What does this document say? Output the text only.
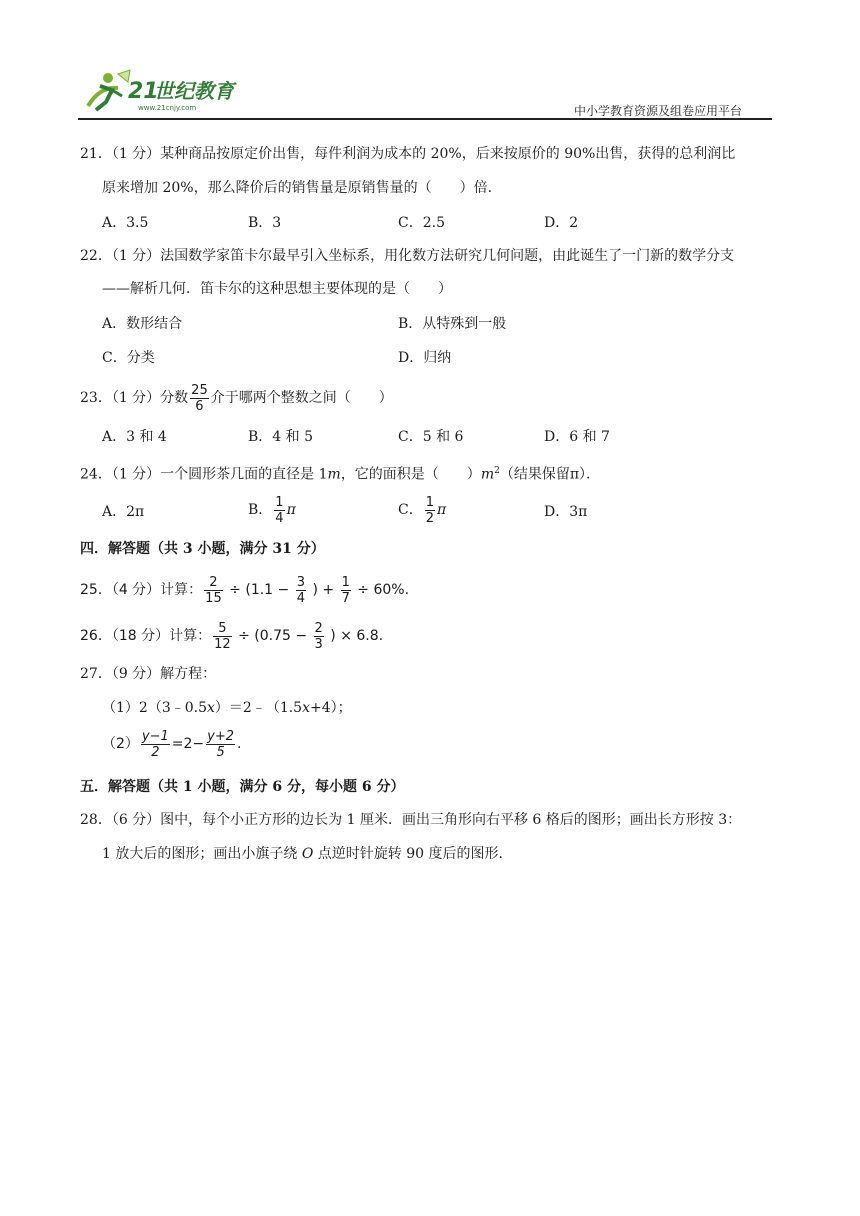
21
世纪教育
www.21cnjy.com	中小学教育资源及组卷应用平台
21．（1 分）某种商品按原定价出售，每件利润为成本的 20%，后来按原价的 90%出售，获得的总利润比
原来增加 20%，那么降价后的销售量是原销售量的（　　）倍．
A．3.5	B．3	C．2.5	D．2
22．（1 分）法国数学家笛卡尔最早引入坐标系，用化数方法研究几何问题，由此诞生了一门新的数学分支
——解析几何．笛卡尔的这种思想主要体现的是（　　）
A．数形结合	B．从特殊到一般
C．分类	D．归纳
23．（1 分）分数 $\frac{25}{6}$ 介于哪两个整数之间（　　）
A．3 和 4	B．4 和 5	C．5 和 6	D．6 和 7
24．（1 分）一个圆形茶几面的直径是 1m，它的面积是（　　）$m^2$（结果保留π）．
A．2π	B． $\frac{1}{4}$ π	C． $\frac{1}{2}$ π	D．3π
四．解答题（共 3 小题，满分 31 分）
25．（4 分）计算： $\frac{2}{15} \div (1.1 - \frac{3}{4}$ ) + $\frac{1}{7} \div 60\%$.
26．（18 分）计算： $\frac{5}{12} \div (0.75 - \frac{2}{3}$ ) × 6.8.
27．（9 分）解方程：
（1）2（3﹣0.5x）＝2﹣（1.5x+4）；
$(2) \frac{y-1}{2} =2- \frac{y+2}{5}$ .
五．解答题（共 1 小题，满分 6 分，每小题 6 分）
28．（6 分）图中，每个小正方形的边长为 1 厘米．画出三角形向右平移 6 格后的图形；画出长方形按 3：
1 放大后的图形；画出小旗子绕 O 点逆时针旋转 90 度后的图形．
